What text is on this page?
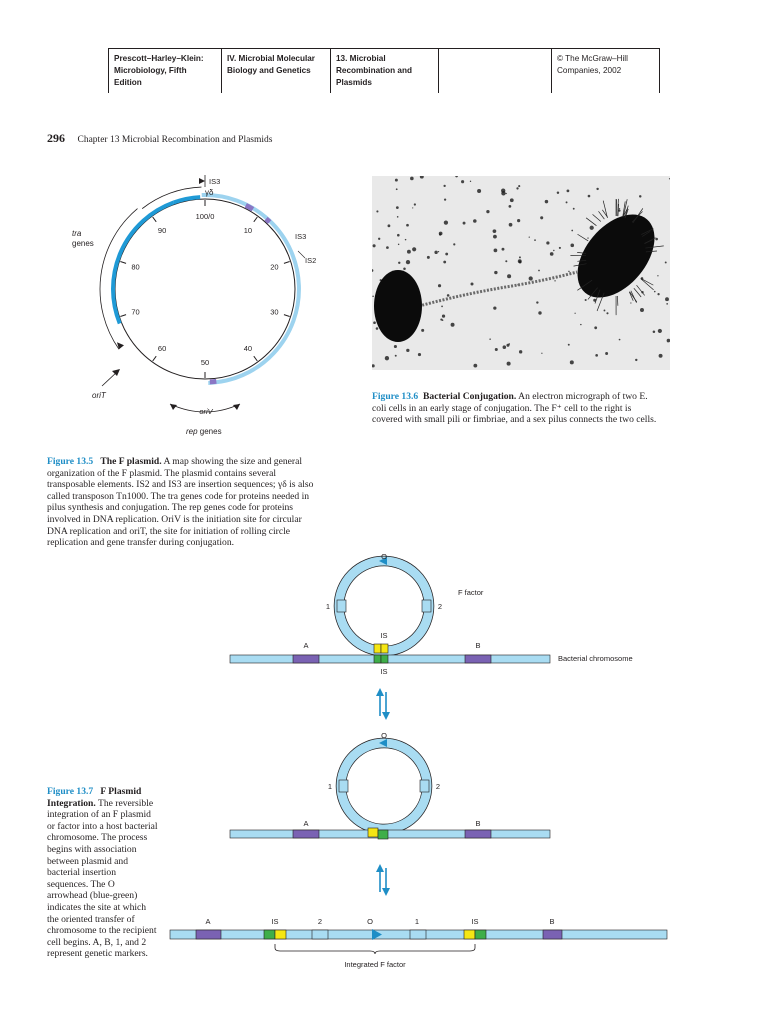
Prescott–Harley–Klein:
Microbiology, Fifth Edition
IV. Microbial Molecular
Biology and Genetics
13. Microbial
Recombination and
Plasmids
© The McGraw–Hill
Companies, 2002
296 Chapter 13 Microbial Recombination and Plasmids
100/0
10
20
30
40
50
60
70
80
90
IS3
γδ
IS3
IS2
tra
genes
oriT
oriV
rep genes
Figure 13.6 Bacterial Conjugation. An electron micrograph of two E.
coli cells in an early stage of conjugation. The F⁺ cell to the right is
covered with small pili or fimbriae, and a sex pilus connects the two cells.
Figure 13.5 The F plasmid. A map showing the size and general
organization of the F plasmid. The plasmid contains several
transposable elements. IS2 and IS3 are insertion sequences; γδ is also
called transposon Tn1000. The tra genes code for proteins needed in
pilus synthesis and conjugation. The rep genes code for proteins
involved in DNA replication. OriV is the initiation site for circular
DNA replication and oriT, the site for initiation of rolling circle
replication and gene transfer during conjugation.
O
1	2
F factor
IS
A	B
IS
Bacterial chromosome
O
1	2
A	B
A	IS	2	O	1	IS	B
Integrated F factor
Figure 13.7 F Plasmid
Integration. The reversible
integration of an F plasmid
or factor into a host bacterial
chromosome. The process
begins with association
between plasmid and
bacterial insertion
sequences. The O
arrowhead (blue-green)
indicates the site at which
the oriented transfer of
chromosome to the recipient
cell begins. A, B, 1, and 2
represent genetic markers.
